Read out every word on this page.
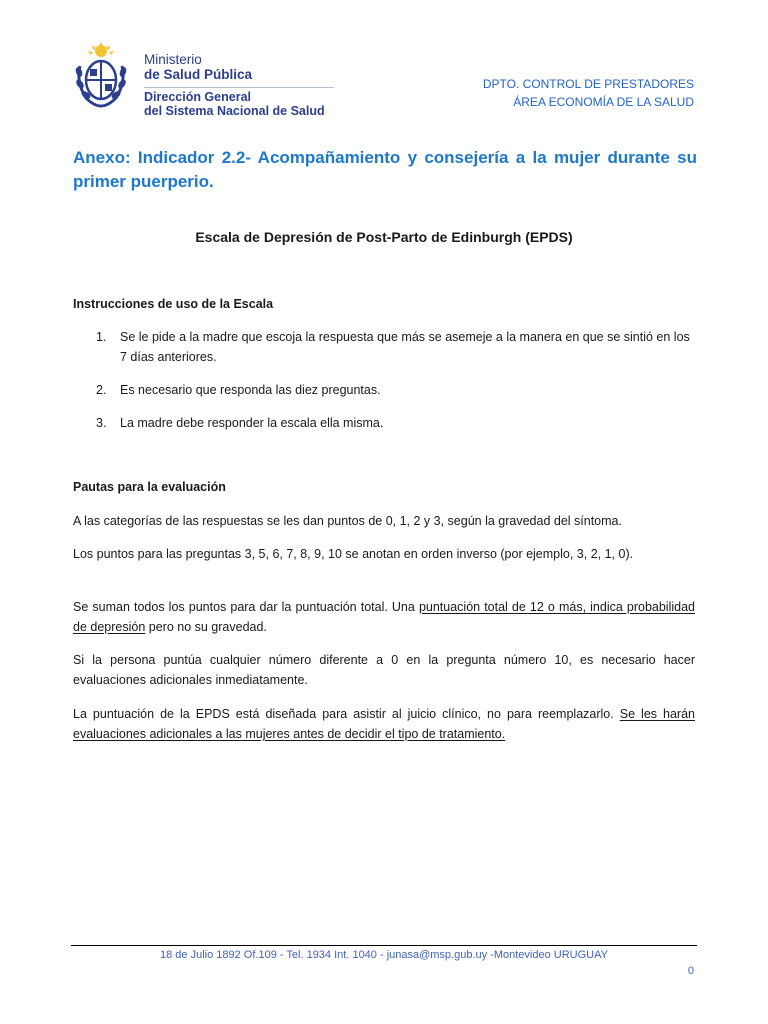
Ministerio
de Salud Pública
Dirección General
del Sistema Nacional de Salud
DPTO. CONTROL DE PRESTADORES
ÁREA ECONOMÍA DE LA SALUD
Anexo: Indicador 2.2- Acompañamiento y consejería a la mujer durante su primer puerperio.
Escala de Depresión de Post-Parto de Edinburgh (EPDS)
Instrucciones de uso de la Escala
1. Se le pide a la madre que escoja la respuesta que más se asemeje a la manera en que se sintió en los 7 días anteriores.
2. Es necesario que responda las diez preguntas.
3. La madre debe responder la escala ella misma.
Pautas para la evaluación
A las categorías de las respuestas se les dan puntos de 0, 1, 2 y 3, según la gravedad del síntoma.
Los puntos para las preguntas 3, 5, 6, 7, 8, 9, 10 se anotan en orden inverso (por ejemplo, 3, 2, 1, 0).
Se suman todos los puntos para dar la puntuación total. Una puntuación total de 12 o más, indica probabilidad de depresión pero no su gravedad.
Si la persona puntúa cualquier número diferente a 0 en la pregunta número 10, es necesario hacer evaluaciones adicionales inmediatamente.
La puntuación de la EPDS está diseñada para asistir al juicio clínico, no para reemplazarlo. Se les harán evaluaciones adicionales a las mujeres antes de decidir el tipo de tratamiento.
18 de Julio 1892 Of.109 - Tel. 1934 Int. 1040 - junasa@msp.gub.uy -Montevideo URUGUAY
0
